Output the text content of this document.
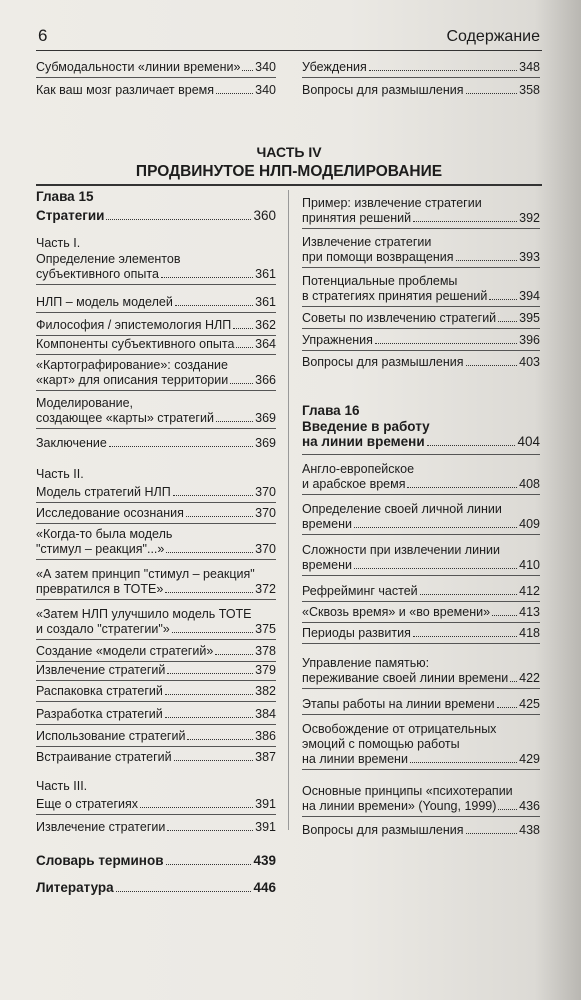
6	Содержание
ЧАСТЬ IV
ПРОДВИНУТОЕ НЛП-МОДЕЛИРОВАНИЕ
Субмодальности «линии времени» 340
Как ваш мозг различает время	340
Глава 15
Стратегии	360
Часть I.
Определение элементов
субъективного опыта	361
НЛП – модель моделей	361
Философия / эпистемология НЛП 362
Компоненты субъективного опыта 364
«Картографирование»: создание
«карт» для описания территории 366
Моделирование,
создающее «карты» стратегий	369
Заключение	369
Часть II.
Модель стратегий НЛП	370
Исследование осознания	370
«Когда-то была модель
"стимул – реакция"...»	370
«А затем принцип "стимул – реакция"
превратился в ТОТЕ»	372
«Затем НЛП улучшило модель ТОТЕ
и создало "стратегии"»	375
Создание «модели стратегий»	378
Извлечение стратегий	379
Распаковка стратегий	382
Разработка стратегий	384
Использование стратегий	386
Встраивание стратегий	387
Часть III.
Еще о стратегиях	391
Извлечение стратегии	391
Словарь терминов	439
Литература	446
Убеждения	348
Вопросы для размышления	358
Пример: извлечение стратегии
принятия решений	392
Извлечение стратегии
при помощи возвращения	393
Потенциальные проблемы
в стратегиях принятия решений	394
Советы по извлечению стратегий 395
Упражнения	396
Вопросы для размышления	403
Глава 16
Введение в работу
на линии времени	404
Англо-европейское
и арабское время	408
Определение своей личной линии
времени	409
Сложности при извлечении линии
времени	410
Рефрейминг частей	412
«Сквозь время» и «во времени» 413
Периоды развития	418
Управление памятью:
переживание своей линии времени 422
Этапы работы на линии времени 425
Освобождение от отрицательных
эмоций с помощью работы
на линии времени	429
Основные принципы «психотерапии
на линии времени» (Young, 1999) 436
Вопросы для размышления	438
